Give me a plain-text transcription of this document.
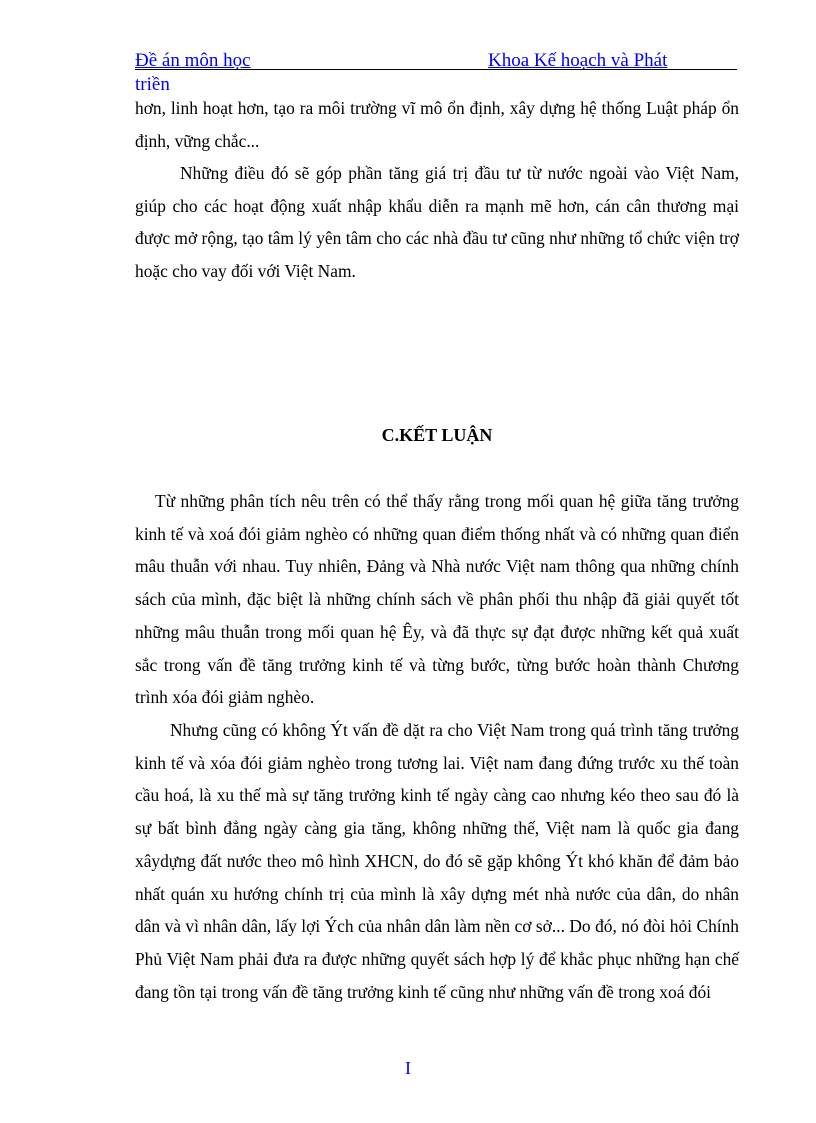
Đề án môn học	Khoa Kế hoạch và Phát
triền

hơn, linh hoạt hơn, tạo ra môi trường vĩ mô ổn định, xây dựng hệ thống Luật pháp ổn định, vững chắc...

Những điều đó sẽ góp phần tăng giá trị đầu tư từ nước ngoài vào Việt Nam, giúp cho các hoạt động xuất nhập khẩu diễn ra mạnh mẽ hơn, cán cân thương mại được mở rộng, tạo tâm lý yên tâm cho các nhà đầu tư cũng như những tổ chức viện trợ hoặc cho vay đối với Việt Nam.

C.KẾT LUẬN

Từ những phân tích nêu trên có thể thấy rằng trong mối quan hệ giữa tăng trưởng kinh tế và xoá đói giảm nghèo có những quan điểm thống nhất và có những quan điển mâu thuẫn với nhau. Tuy nhiên, Đảng và Nhà nước Việt nam thông qua những chính sách của mình, đặc biệt là những chính sách về phân phối thu nhập đã giải quyết tốt những mâu thuẫn trong mối quan hệ Êy, và đã thực sự đạt được những kết quả xuất sắc trong vấn đề tăng trưởng kinh tế và từng bước, từng bước hoàn thành Chương trình xóa đói giảm nghèo.

Nhưng cũng có không Ýt vấn đề dặt ra cho Việt Nam trong quá trình tăng trưởng kinh tế và xóa đói giảm nghèo trong tương lai. Việt nam đang đứng trước xu thế toàn cầu hoá, là xu thế mà sự tăng trưởng kinh tế ngày càng cao nhưng kéo theo sau đó là sự bất bình đẳng ngày càng gia tăng, không những thế, Việt nam là quốc gia đang xâydựng đất nước theo mô hình XHCN, do đó sẽ gặp không Ýt khó khăn để đảm bảo nhất quán xu hướng chính trị của mình là xây dựng mét nhà nước của dân, do nhân dân và vì nhân dân, lấy lợi Ých của nhân dân làm nền cơ sở... Do đó, nó đòi hỏi Chính Phủ Việt Nam phải đưa ra được những quyết sách hợp lý để khắc phục những hạn chế đang tồn tại trong vấn đề tăng trưởng kinh tế cũng như những vấn đề trong xoá đói

I
